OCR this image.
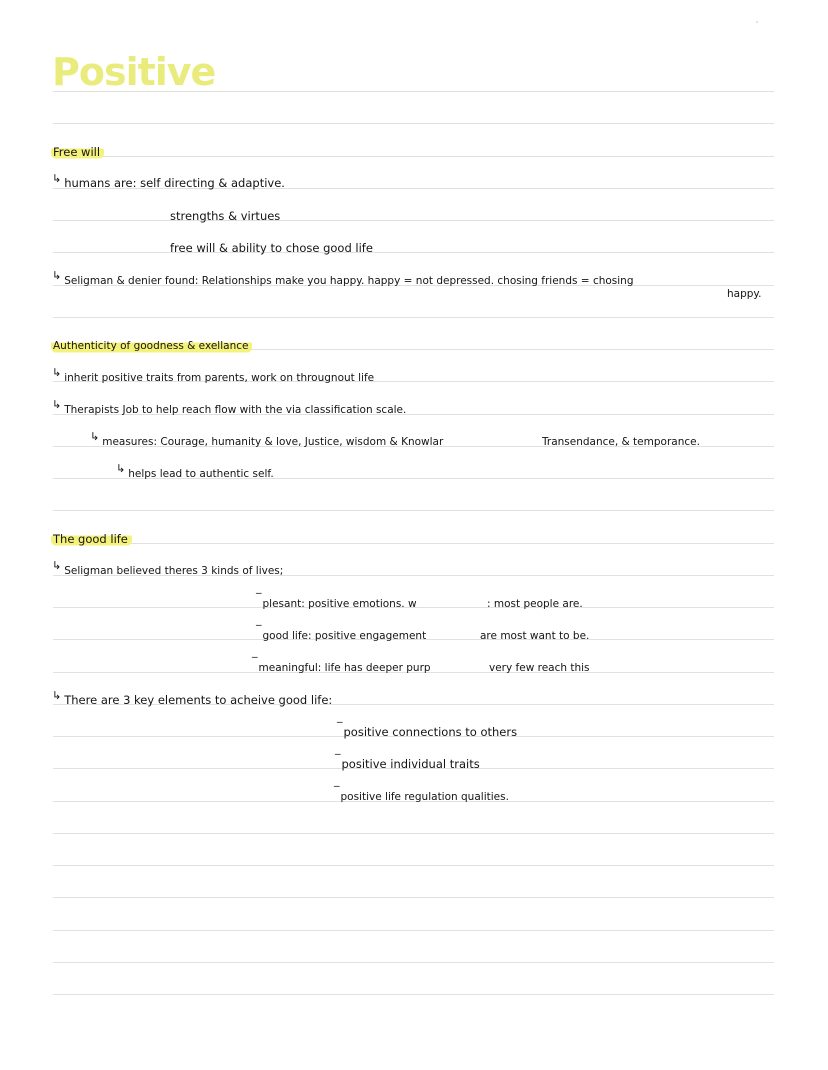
Positive
Free will
↳ humans are: self directing & adaptive.
strengths & virtues
free will & ability to chose good life
↳ Seligman & denier found: Relationships make you happy. happy = not depressed. chosing friends = chosing
happy.
Authenticity of goodness & exellance
↳ inherit positive traits from parents, work on througnout life
↳ Therapists Job to help reach flow with the via classification scale.
↳ measures: Courage, humanity & love, Justice, wisdom & Knowlar	Transendance, & temporance.
↳ helps lead to authentic self.
The good life
↳ Seligman believed theres 3 kinds of lives;
‾plesant: positive emotions. w	: most people are.
‾good life: positive engagement	are most want to be.
‾meaningful: life has deeper purp	very few reach this
↳ There are 3 key elements to acheive good life:
‾positive connections to others
‾positive individual traits
‾positive life regulation qualities.
